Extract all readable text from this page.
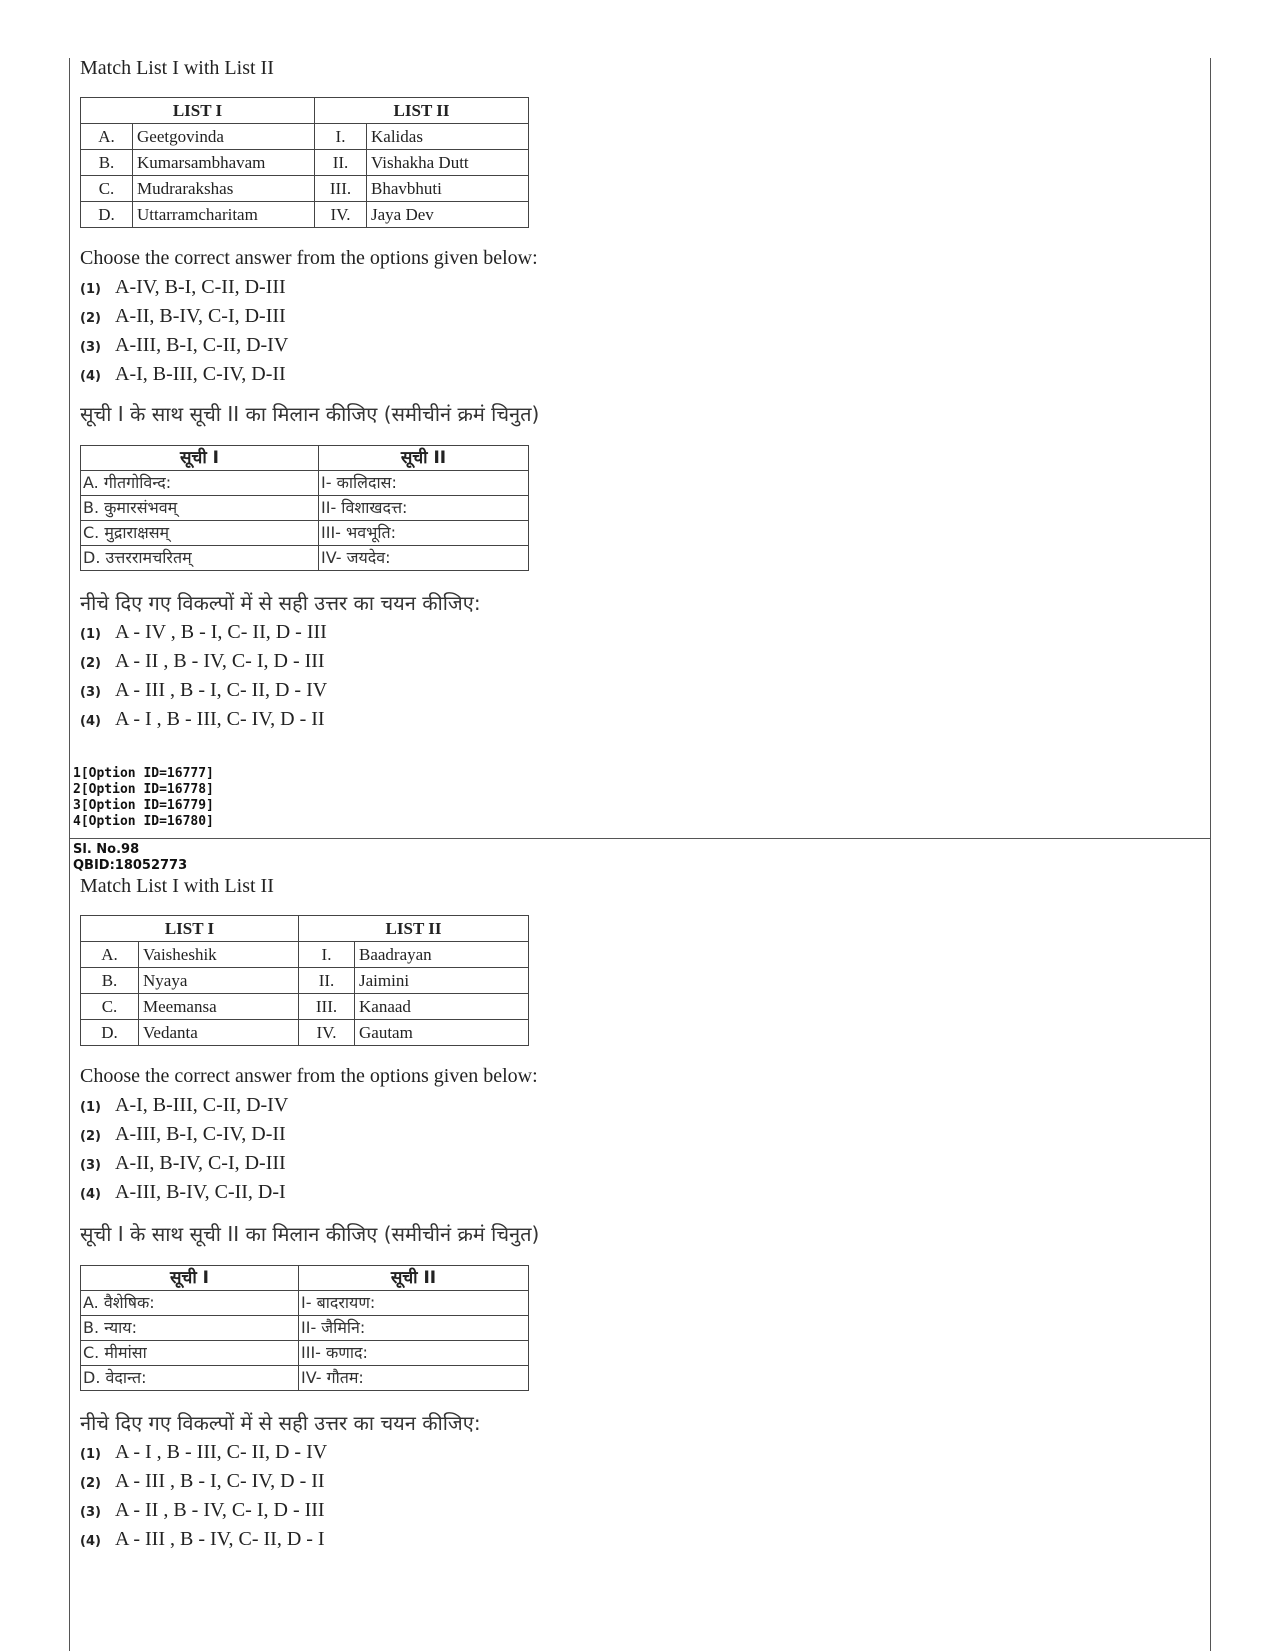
Match List I with List II

LIST I		LIST II	
A.	Geetgovinda	I.	Kalidas
B.	Kumarsambhavam	II.	Vishakha Dutt
C.	Mudrarakshas	III.	Bhavbhuti
D.	Uttarramcharitam	IV.	Jaya Dev

Choose the correct answer from the options given below:

(1) A-IV, B-I, C-II, D-III
(2) A-II, B-IV, C-I, D-III
(3) A-III, B-I, C-II, D-IV
(4) A-I, B-III, C-IV, D-II
सूची I के साथ सूची II का मिलान कीजिए (समीचीनं क्रमं चिनुत)
सूची I	सूची II
A. गीतगोविन्द:	I- कालिदास:
B. कुमारसंभवम्	II- विशाखदत्त:
C. मुद्राराक्षसम्	III- भवभूति:
D. उत्तररामचरितम्	IV- जयदेव:
नीचे दिए गए विकल्पों में से सही उत्तर का चयन कीजिए:
(1) A - IV , B - I, C- II, D - III
(2) A - II , B - IV, C- I, D - III
(3) A - III , B - I, C- II, D - IV
(4) A - I , B - III, C- IV, D - II
1[Option ID=16777]
2[Option ID=16778]
3[Option ID=16779]
4[Option ID=16780]
Sl. No.98
QBID:18052773

Match List I with List II

LIST I		LIST II	
A.	Vaisheshik	I.	Baadrayan
B.	Nyaya	II.	Jaimini
C.	Meemansa	III.	Kanaad
D.	Vedanta	IV.	Gautam

Choose the correct answer from the options given below:

(1) A-I, B-III, C-II, D-IV
(2) A-III, B-I, C-IV, D-II
(3) A-II, B-IV, C-I, D-III
(4) A-III, B-IV, C-II, D-I
सूची I के साथ सूची II का मिलान कीजिए (समीचीनं क्रमं चिनुत)
सूची I	सूची II
A. वैशेषिक:	I- बादरायण:
B. न्याय:	II- जैमिनि:
C. मीमांसा	III- कणाद:
D. वेदान्त:	IV- गौतम:
नीचे दिए गए विकल्पों में से सही उत्तर का चयन कीजिए:
(1) A - I , B - III, C- II, D - IV
(2) A - III , B - I, C- IV, D - II
(3) A - II , B - IV, C- I, D - III
(4) A - III , B - IV, C- II, D - I
